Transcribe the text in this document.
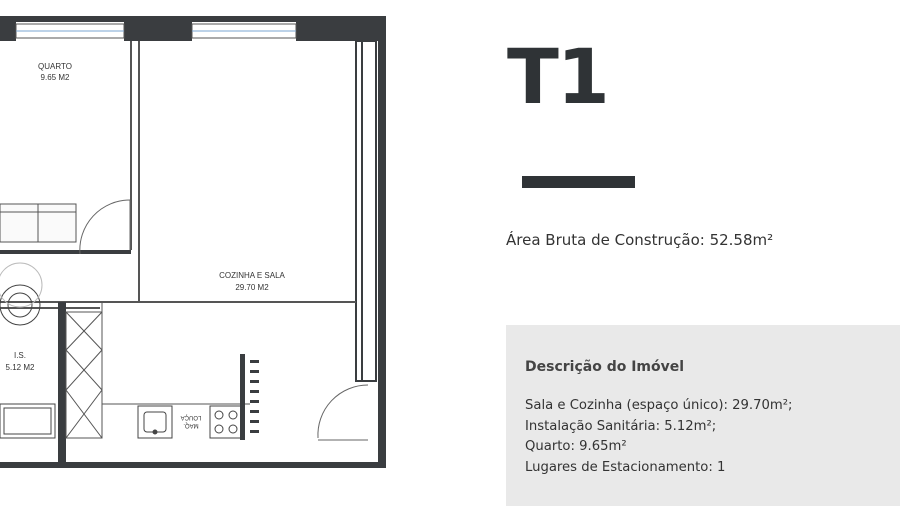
QUARTO
9.65 M2
COZINHA E SALA
29.70 M2
I.S.
5.12 M2
MAQ.
LOUÇA
T1
Área Bruta de Construção: 52.58m²
Descrição do Imóvel
Sala e Cozinha (espaço único): 29.70m²;
Instalação Sanitária: 5.12m²;
Quarto: 9.65m²
Lugares de Estacionamento: 1
